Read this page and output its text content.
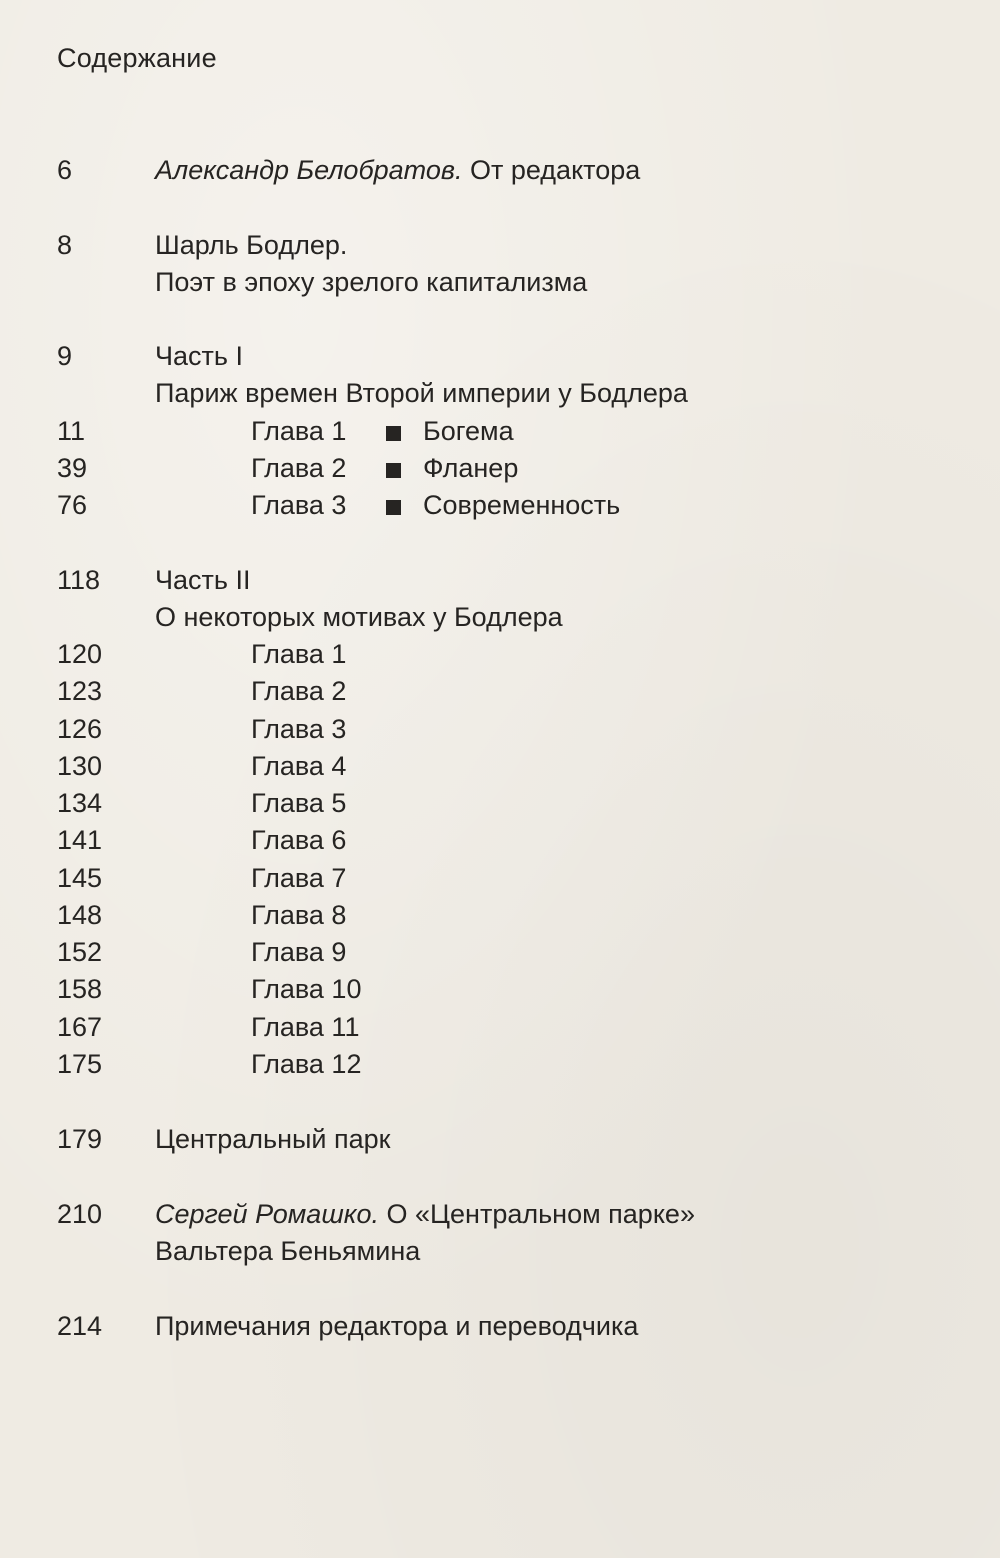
Содержание
6	Александр Белобратов. От редактора
8	Шарль Бодлер.
Поэт в эпоху зрелого капитализма
9	Часть I
Париж времен Второй империи у Бодлера
11	Глава 1	Богема
39	Глава 2	Фланер
76	Глава 3	Современность
118 Часть II
О некоторых мотивах у Бодлера
120	Глава 1
123	Глава 2
126	Глава 3
130	Глава 4
134	Глава 5
141	Глава 6
145	Глава 7
148	Глава 8
152	Глава 9
158	Глава 10
167	Глава 11
175	Глава 12
179 Центральный парк
210 Сергей Ромашко. О «Центральном парке»
Вальтера Беньямина
214 Примечания редактора и переводчика
